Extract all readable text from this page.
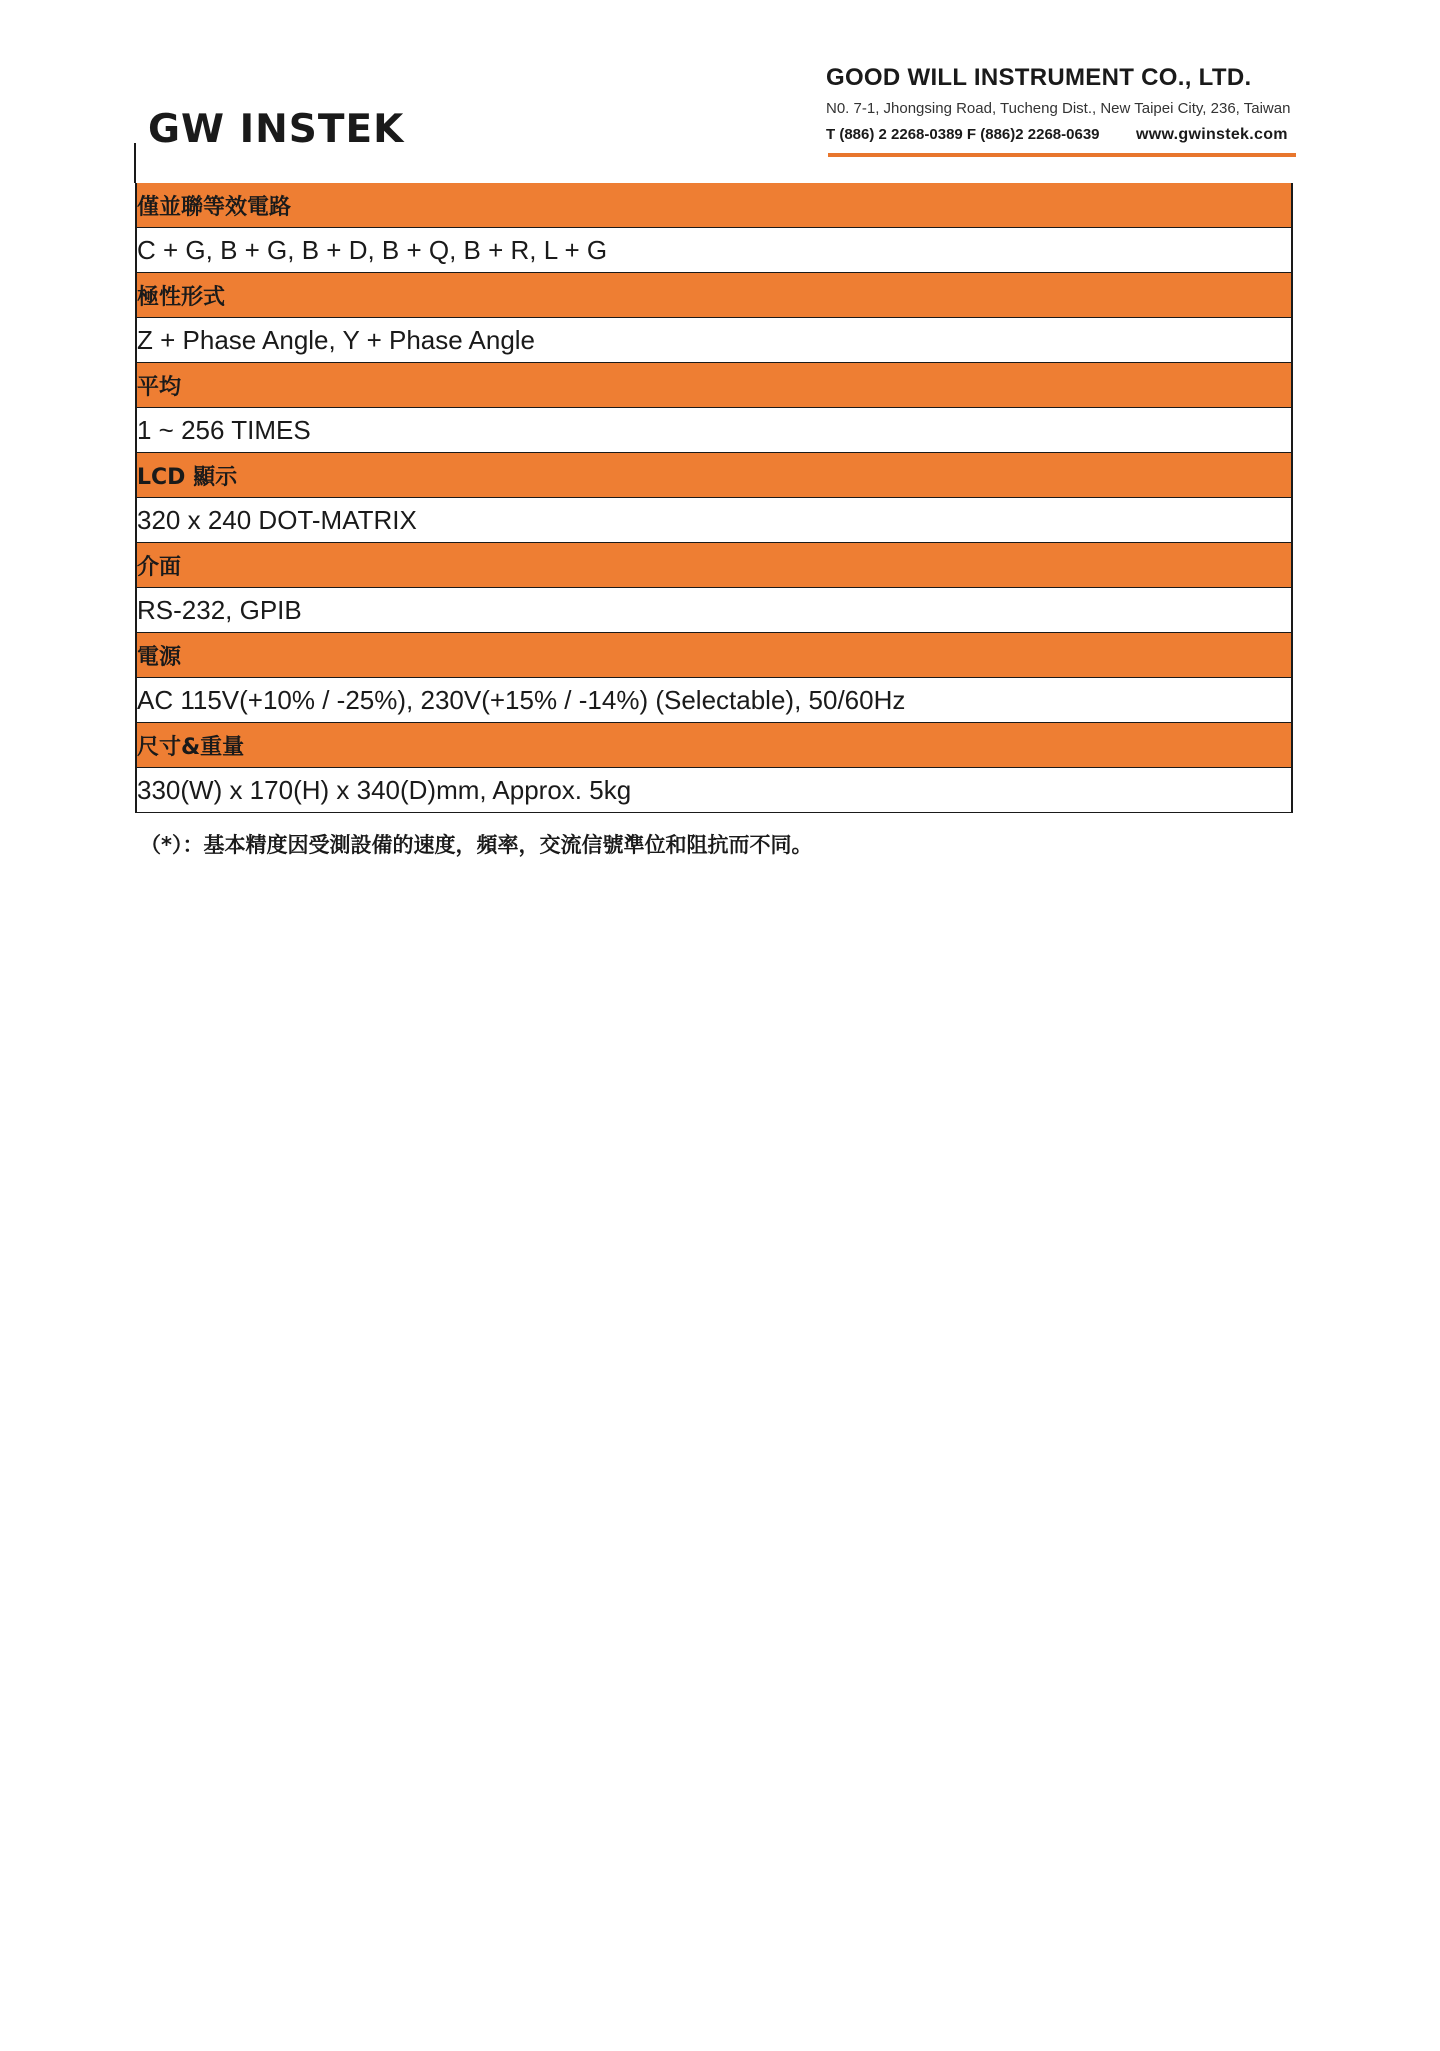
GW INSTEK
GOOD WILL INSTRUMENT CO., LTD.
N0. 7-1, Jhongsing Road, Tucheng Dist., New Taipei City, 236, Taiwan
T (886) 2 2268-0389 F (886)2 2268-0639 www.gwinstek.com
僅並聯等效電路
C + G, B + G, B + D, B + Q, B + R, L + G
極性形式
Z + Phase Angle, Y + Phase Angle
平均
1 ~ 256 TIMES
LCD 顯示
320 x 240 DOT-MATRIX
介面
RS-232, GPIB
電源
AC 115V(+10% / -25%), 230V(+15% / -14%) (Selectable), 50/60Hz
尺寸&重量
330(W) x 170(H) x 340(D)mm, Approx. 5kg
（*）：基本精度因受測設備的速度，頻率，交流信號準位和阻抗而不同。
